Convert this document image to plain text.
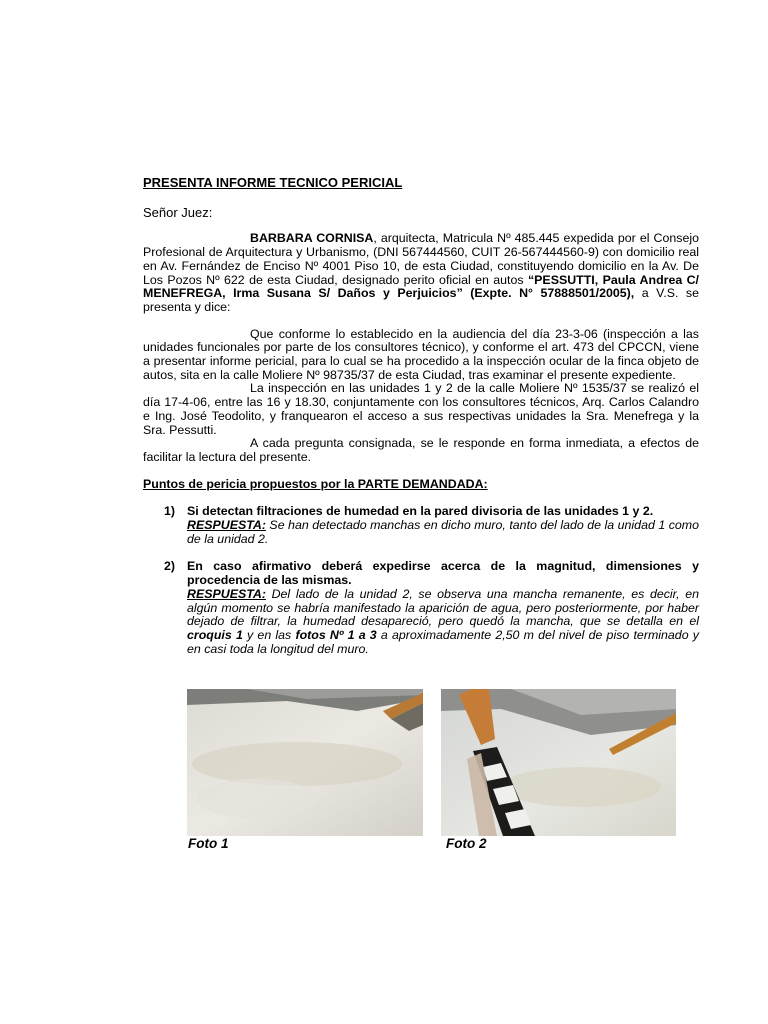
PRESENTA INFORME TECNICO PERICIAL

Señor Juez:

BARBARA CORNISA, arquitecta, Matricula Nº 485.445 expedida por el Consejo Profesional de Arquitectura y Urbanismo, (DNI 567444560, CUIT 26-567444560-9) con domicilio real en Av. Fernández de Enciso Nº 4001 Piso 10, de esta Ciudad, constituyendo domicilio en la Av. De Los Pozos Nº 622 de esta Ciudad, designado perito oficial en autos “PESSUTTI, Paula Andrea C/ MENEFREGA, Irma Susana S/ Daños y Perjuicios” (Expte. N° 57888501/2005), a V.S. se presenta y dice:

Que conforme lo establecido en la audiencia del día 23-3-06 (inspección a las unidades funcionales por parte de los consultores técnico), y conforme el art. 473 del CPCCN, viene a presentar informe pericial, para lo cual se ha procedido a la inspección ocular de la finca objeto de autos, sita en la calle Moliere Nº 98735/37 de esta Ciudad, tras examinar el presente expediente.

La inspección en las unidades 1 y 2 de la calle Moliere Nº 1535/37 se realizó el día 17-4-06, entre las 16 y 18.30, conjuntamente con los consultores técnicos, Arq. Carlos Calandro e Ing. José Teodolito, y franquearon el acceso a sus respectivas unidades la Sra. Menefrega y la Sra. Pessutti.

A cada pregunta consignada, se le responde en forma inmediata, a efectos de facilitar la lectura del presente.

Puntos de pericia propuestos por la PARTE DEMANDADA:
1) Si detectan filtraciones de humedad en la pared divisoria de las unidades 1 y 2.
RESPUESTA: Se han detectado manchas en dicho muro, tanto del lado de la unidad 1 como de la unidad 2.
2) En caso afirmativo deberá expedirse acerca de la magnitud, dimensiones y procedencia de las mismas.
RESPUESTA: Del lado de la unidad 2, se observa una mancha remanente, es decir, en algún momento se habría manifestado la aparición de agua, pero posteriormente, por haber dejado de filtrar, la humedad desapareció, pero quedó la mancha, que se detalla en el croquis 1 y en las fotos Nº 1 a 3 a aproximadamente 2,50 m del nivel de piso terminado y en casi toda la longitud del muro.
Foto 1	Foto 2
